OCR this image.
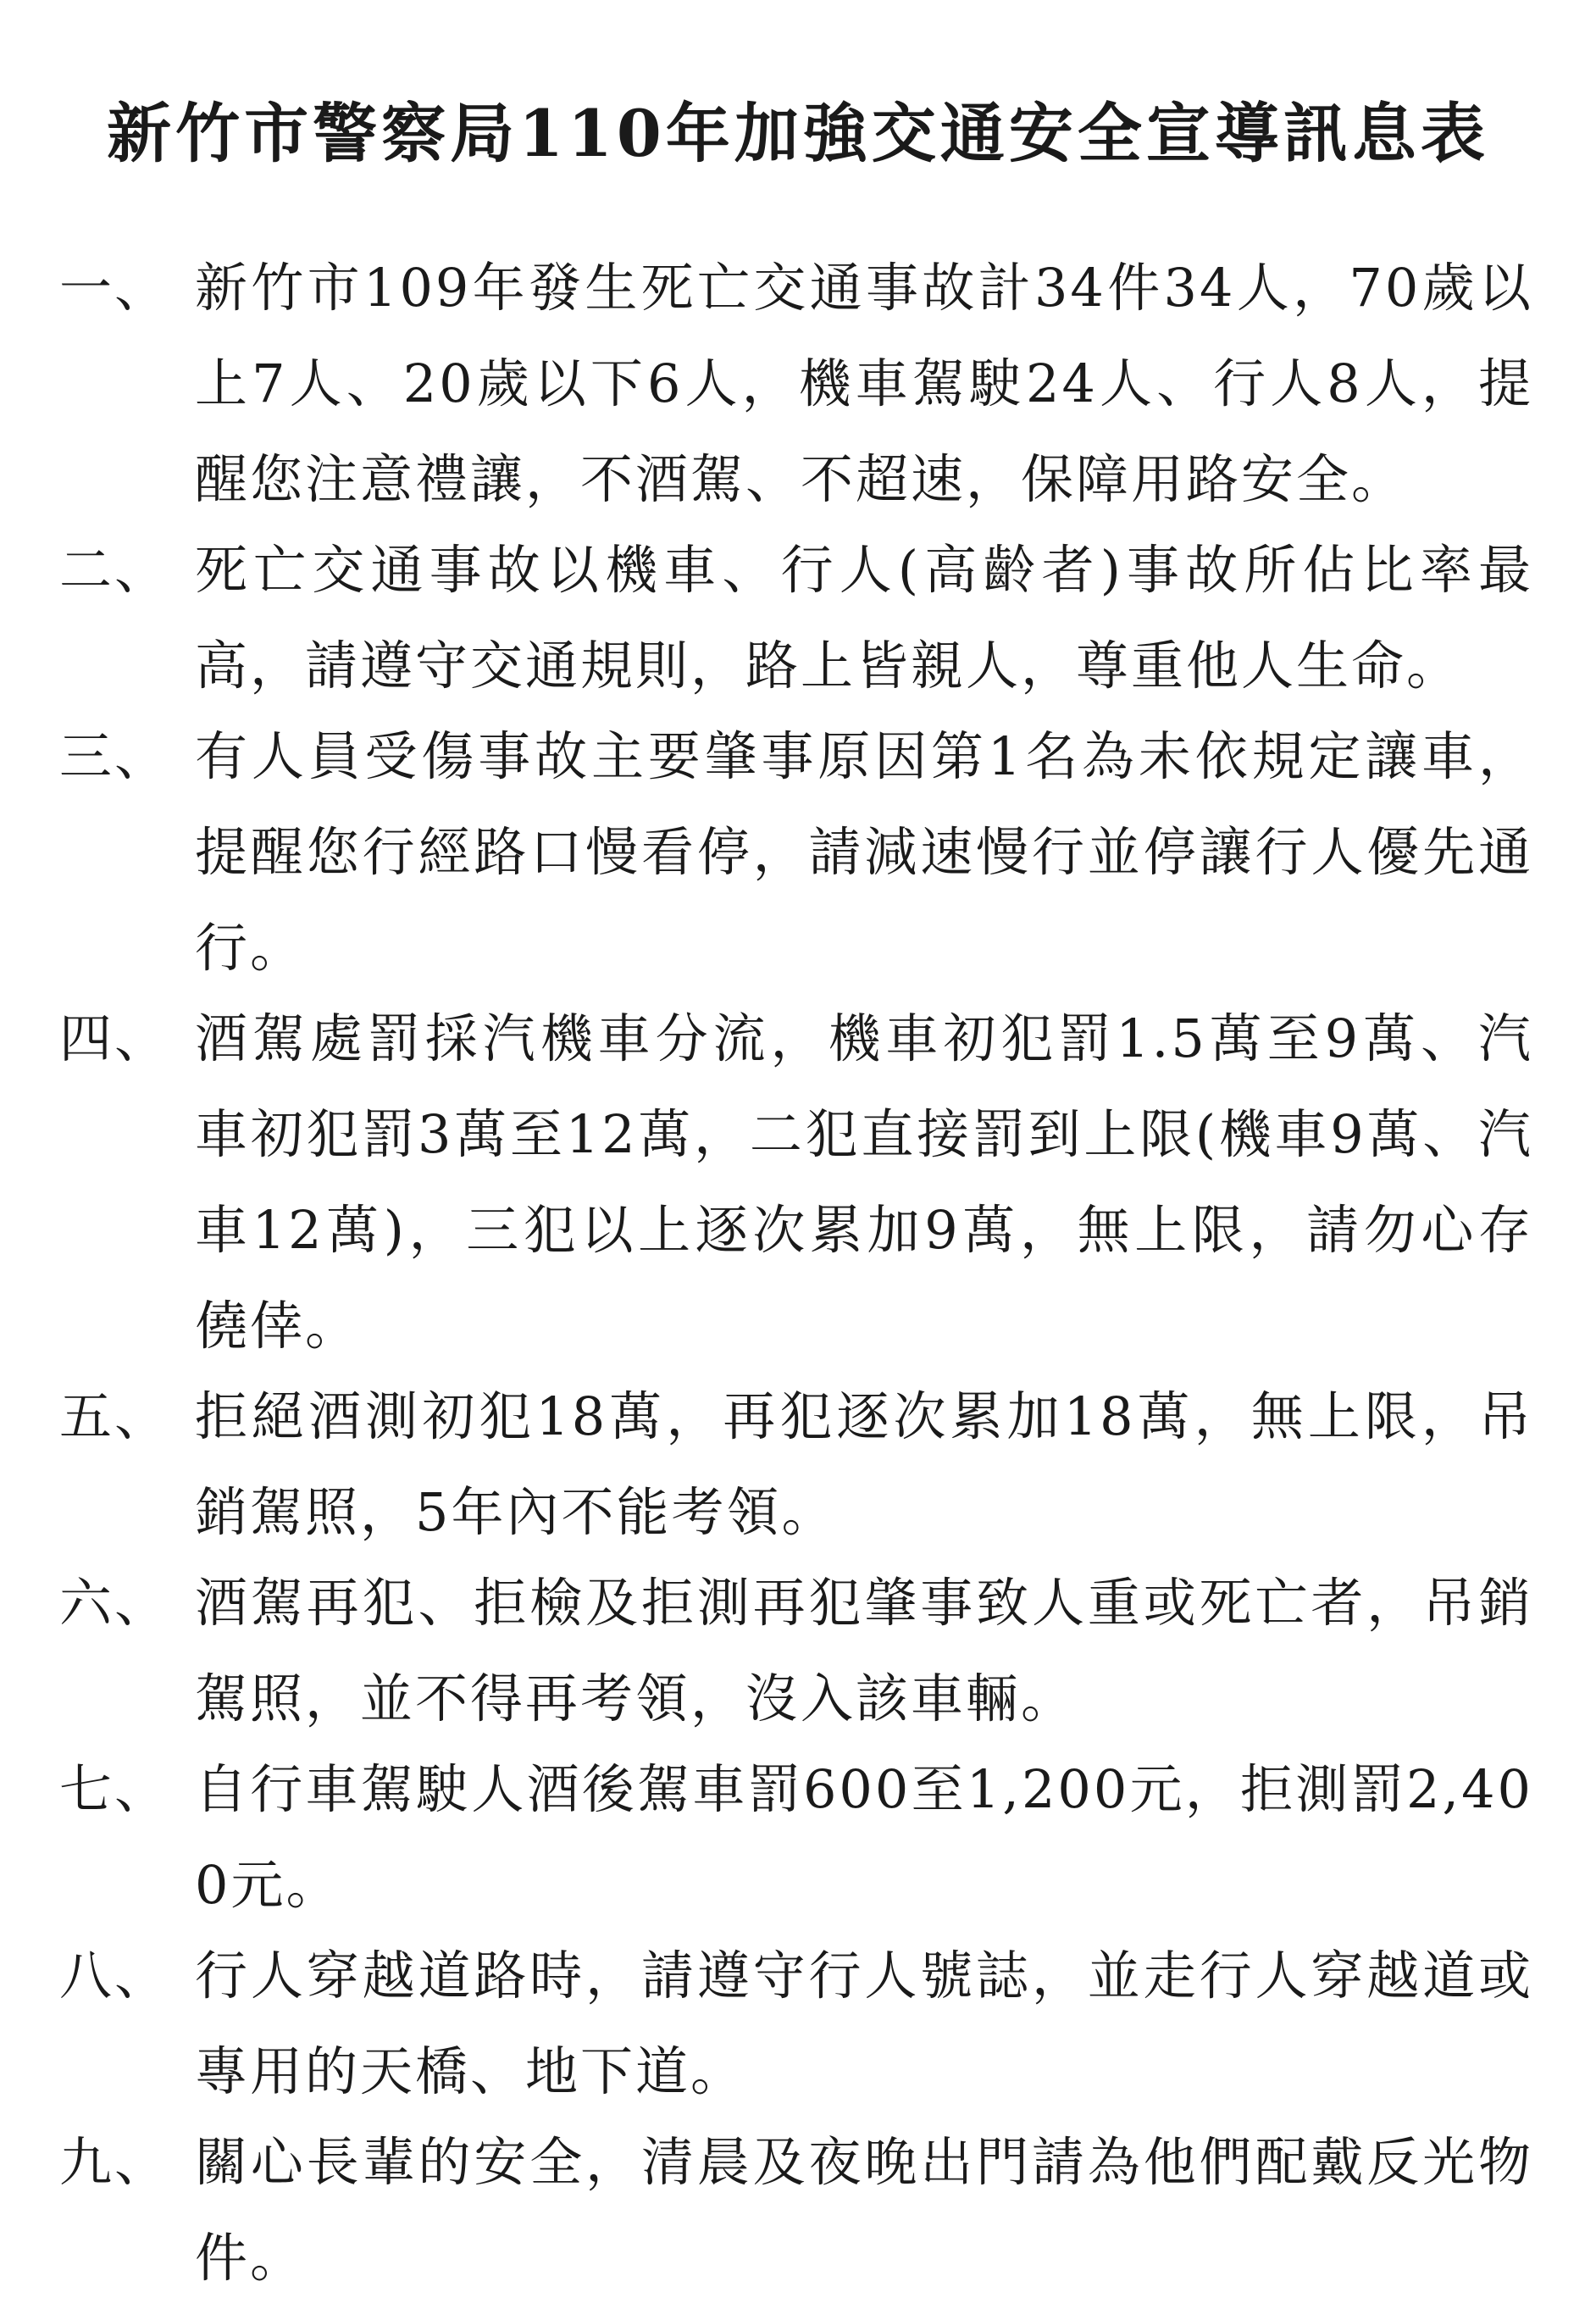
新竹市警察局110年加強交通安全宣導訊息表
一、 新竹市109年發生死亡交通事故計34件34人，70歲以上7人、20歲以下6人，機車駕駛24人、行人8人，提醒您注意禮讓，不酒駕、不超速，保障用路安全。
二、 死亡交通事故以機車、行人(高齡者)事故所佔比率最高，請遵守交通規則，路上皆親人，尊重他人生命。
三、 有人員受傷事故主要肇事原因第1名為未依規定讓車，提醒您行經路口慢看停，請減速慢行並停讓行人優先通行。
四、 酒駕處罰採汽機車分流，機車初犯罰1.5萬至9萬、汽車初犯罰3萬至12萬，二犯直接罰到上限(機車9萬、汽車12萬)，三犯以上逐次累加9萬，無上限，請勿心存僥倖。
五、 拒絕酒測初犯18萬，再犯逐次累加18萬，無上限，吊銷駕照，5年內不能考領。
六、 酒駕再犯、拒檢及拒測再犯肇事致人重或死亡者，吊銷駕照，並不得再考領，沒入該車輛。
七、 自行車駕駛人酒後駕車罰600至1,200元，拒測罰2,400元。
八、 行人穿越道路時，請遵守行人號誌，並走行人穿越道或專用的天橋、地下道。
九、 關心長輩的安全，清晨及夜晚出門請為他們配戴反光物件。
